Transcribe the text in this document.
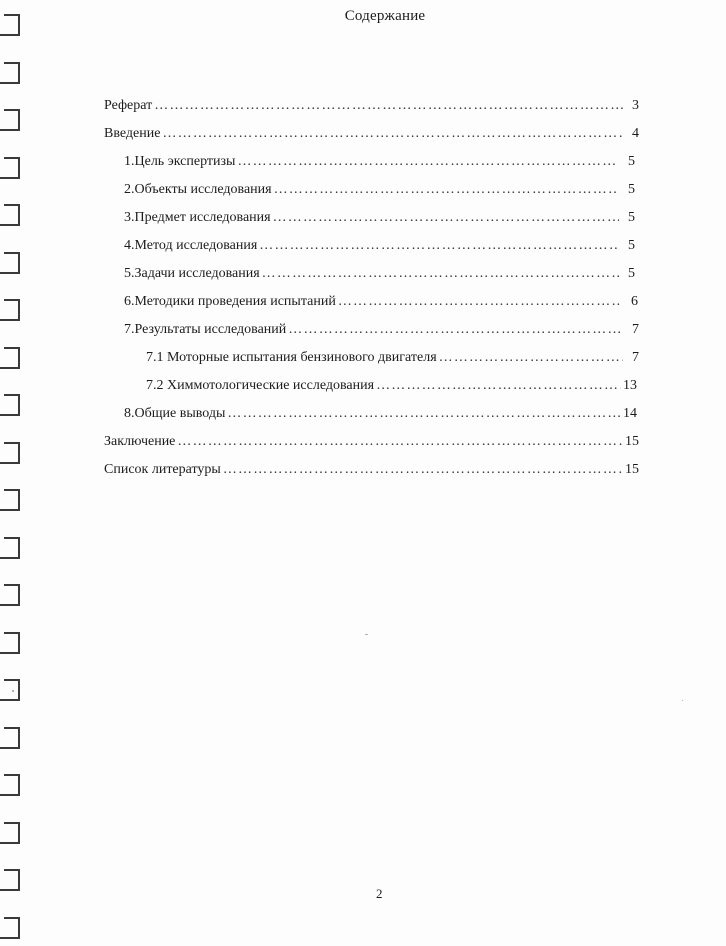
Содержание
Реферат …………………………………………………………………………………………………………………………………………………………………………	3
Введение …………………………………………………………………………………………………………………………………………………………………………	4
1. Цель экспертизы …………………………………………………………………………………………………………………………………………………………………………	5
2. Объекты исследования …………………………………………………………………………………………………………………………………………………………………………	5
3. Предмет исследования …………………………………………………………………………………………………………………………………………………………………………	5
4. Метод исследования …………………………………………………………………………………………………………………………………………………………………………	5
5. Задачи исследования …………………………………………………………………………………………………………………………………………………………………………	5
6. Методики проведения испытаний …………………………………………………………………………………………………………………………………………………………………………	6
7. Результаты исследований …………………………………………………………………………………………………………………………………………………………………………	7
7.1 Моторные испытания бензинового двигателя …………………………………………………………………………………………………………………………………………………………………………	7
7.2 Химмотологические исследования …………………………………………………………………………………………………………………………………………………………………………	13
8. Общие выводы …………………………………………………………………………………………………………………………………………………………………………	14
Заключение …………………………………………………………………………………………………………………………………………………………………………	15
Список литературы …………………………………………………………………………………………………………………………………………………………………………	15
2
